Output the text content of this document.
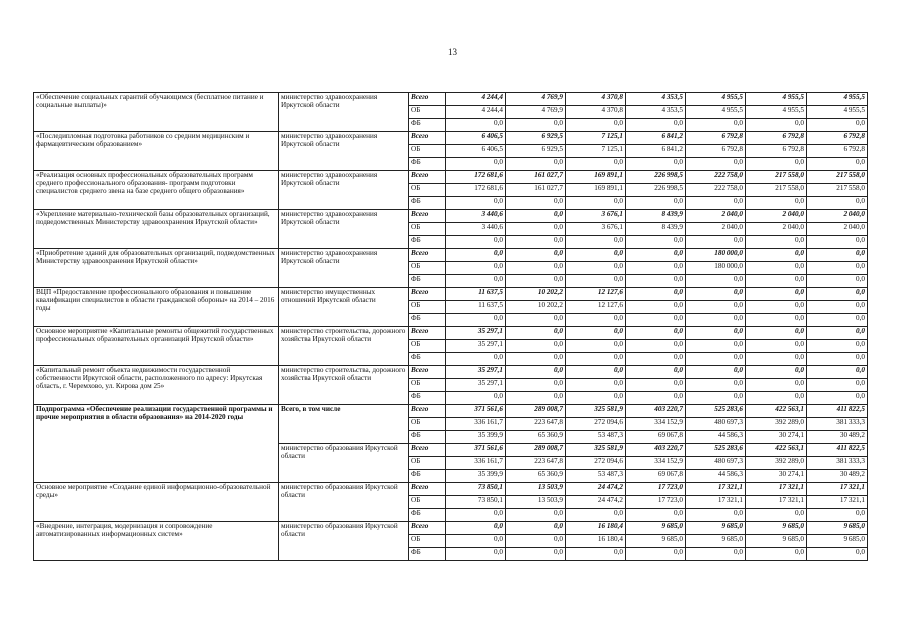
13
«Обеспечение социальных гарантий обучающимся (бесплатное питание и социальные выплаты)»	министерство здравоохранения Иркутской области	Всего	4 244,4	4 769,9	4 370,8	4 353,5	4 955,5	4 955,5	4 955,5
		ОБ	4 244,4	4 769,9	4 370,8	4 353,5	4 955,5	4 955,5	4 955,5
		ФБ	0,0	0,0	0,0	0,0	0,0	0,0	0,0
«Последипломная подготовка работников со средним медицинским и фармацевтическим образованием»	министерство здравоохранения Иркутской области	Всего	6 406,5	6 929,5	7 125,1	6 841,2	6 792,8	6 792,8	6 792,8
		ОБ	6 406,5	6 929,5	7 125,1	6 841,2	6 792,8	6 792,8	6 792,8
		ФБ	0,0	0,0	0,0	0,0	0,0	0,0	0,0
«Реализация основных профессиональных образовательных программ среднего профессионального образования- программ подготовки специалистов среднего звена на базе среднего общего образования»	министерство здравоохранения Иркутской области	Всего	172 681,6	161 027,7	169 891,1	226 998,5	222 758,0	217 558,0	217 558,0
		ОБ	172 681,6	161 027,7	169 891,1	226 998,5	222 758,0	217 558,0	217 558,0
		ФБ	0,0	0,0	0,0	0,0	0,0	0,0	0,0
«Укрепление материально-технической базы образовательных организаций, подведомственных Министерству здравоохранения Иркутской области»	министерство здравоохранения Иркутской области	Всего	3 440,6	0,0	3 676,1	8 439,9	2 040,0	2 040,0	2 040,0
		ОБ	3 440,6	0,0	3 676,1	8 439,9	2 040,0	2 040,0	2 040,0
		ФБ	0,0	0,0	0,0	0,0	0,0	0,0	0,0
«Приобретение зданий для образовательных организаций, подведомственных Министерству здравоохранения Иркутской области»	министерство здравоохранения Иркутской области	Всего	0,0	0,0	0,0	0,0	180 000,0	0,0	0,0
		ОБ	0,0	0,0	0,0	0,0	180 000,0	0,0	0,0
		ФБ	0,0	0,0	0,0	0,0	0,0	0,0	0,0
ВЦП «Предоставление профессионального образования и повышение квалификации специалистов в области гражданской обороны» на 2014 – 2016 годы	министерство имущественных отношений Иркутской области	Всего	11 637,5	10 202,2	12 127,6	0,0	0,0	0,0	0,0
		ОБ	11 637,5	10 202,2	12 127,6	0,0	0,0	0,0	0,0
		ФБ	0,0	0,0	0,0	0,0	0,0	0,0	0,0
Основное мероприятие «Капитальные ремонты общежитий государственных профессиональных образовательных организаций Иркутской области»	министерство строительства, дорожного хозяйства Иркутской области	Всего	35 297,1	0,0	0,0	0,0	0,0	0,0	0,0
		ОБ	35 297,1	0,0	0,0	0,0	0,0	0,0	0,0
		ФБ	0,0	0,0	0,0	0,0	0,0	0,0	0,0
«Капитальный ремонт объекта недвижимости государственной собственности Иркутской области, расположенного по адресу: Иркутская область, г. Черемхово, ул. Кирова дом 25»	министерство строительства, дорожного хозяйства Иркутской области	Всего	35 297,1	0,0	0,0	0,0	0,0	0,0	0,0
		ОБ	35 297,1	0,0	0,0	0,0	0,0	0,0	0,0
		ФБ	0,0	0,0	0,0	0,0	0,0	0,0	0,0
Подпрограмма «Обеспечение реализации государственной программы и прочие мероприятия в области образования» на 2014-2020 годы	Всего, в том числе	Всего	371 561,6	289 008,7	325 581,9	403 220,7	525 283,6	422 563,1	411 822,5
		ОБ	336 161,7	223 647,8	272 094,6	334 152,9	480 697,3	392 289,0	381 333,3
		ФБ	35 399,9	65 360,9	53 487,3	69 067,8	44 586,3	30 274,1	30 489,2
	министерство образования Иркутской области	Всего	371 561,6	289 008,7	325 581,9	403 220,7	525 283,6	422 563,1	411 822,5
		ОБ	336 161,7	223 647,8	272 094,6	334 152,9	480 697,3	392 289,0	381 333,3
		ФБ	35 399,9	65 360,9	53 487,3	69 067,8	44 586,3	30 274,1	30 489,2
Основное мероприятие «Создание единой информационно-образовательной среды»	министерство образования Иркутской области	Всего	73 850,1	13 503,9	24 474,2	17 723,0	17 321,1	17 321,1	17 321,1
		ОБ	73 850,1	13 503,9	24 474,2	17 723,0	17 321,1	17 321,1	17 321,1
		ФБ	0,0	0,0	0,0	0,0	0,0	0,0	0,0
«Внедрение, интеграция, модернизация и сопровождение автоматизированных информационных систем»	министерство образования Иркутской области	Всего	0,0	0,0	16 180,4	9 685,0	9 685,0	9 685,0	9 685,0
		ОБ	0,0	0,0	16 180,4	9 685,0	9 685,0	9 685,0	9 685,0
		ФБ	0,0	0,0	0,0	0,0	0,0	0,0	0,0
